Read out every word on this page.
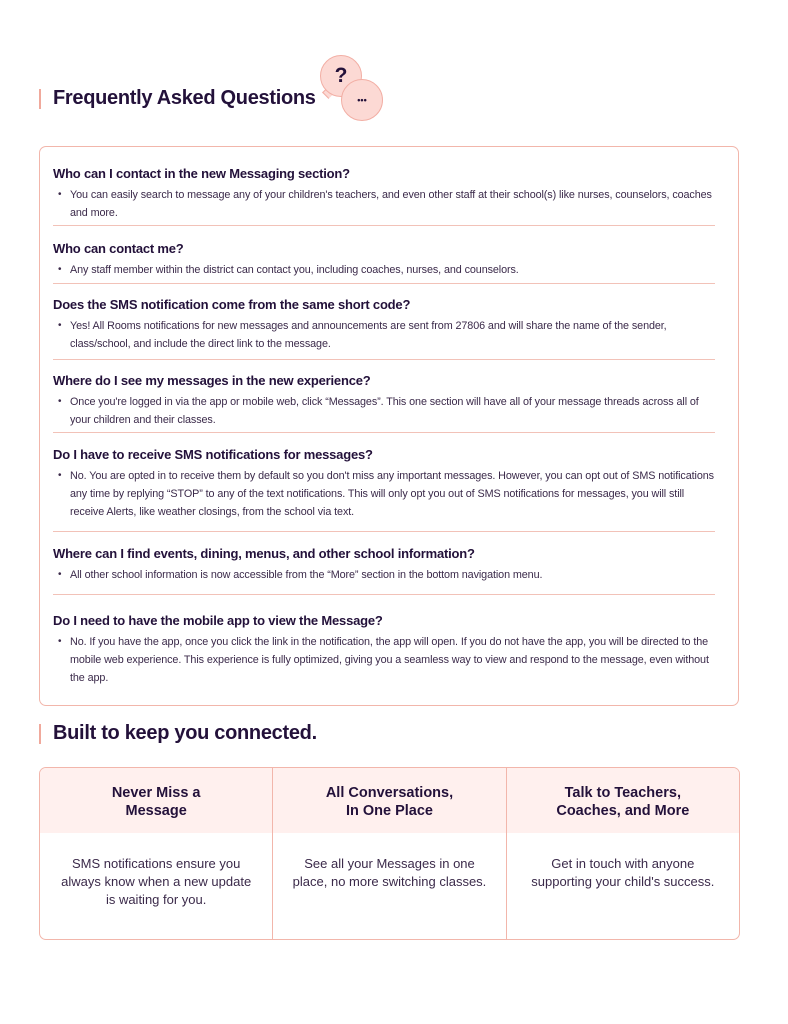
Frequently Asked Questions
?
•••

Who can I contact in the new Messaging section?

• You can easily search to message any of your children's teachers, and even other staff at their school(s) like nurses, counselors, coaches and more.

Who can contact me?

• Any staff member within the district can contact you, including coaches, nurses, and counselors.

Does the SMS notification come from the same short code?

• Yes! All Rooms notifications for new messages and announcements are sent from 27806 and will share the name of the sender, class/school, and include the direct link to the message.

Where do I see my messages in the new experience?

• Once you're logged in via the app or mobile web, click “Messages”. This one section will have all of your message threads across all of your children and their classes.

Do I have to receive SMS notifications for messages?

• No. You are opted in to receive them by default so you don't miss any important messages. However, you can opt out of SMS notifications any time by replying “STOP” to any of the text notifications. This will only opt you out of SMS notifications for messages, you will still receive Alerts, like weather closings, from the school via text.

Where can I find events, dining, menus, and other school information?

• All other school information is now accessible from the “More” section in the bottom navigation menu.

Do I need to have the mobile app to view the Message?

• No. If you have the app, once you click the link in the notification, the app will open. If you do not have the app, you will be directed to the mobile web experience. This experience is fully optimized, giving you a seamless way to view and respond to the message, even without the app.

Built to keep you connected.
Never Miss a
Message
SMS notifications ensure you
always know when a new update
is waiting for you.
All Conversations,
In One Place
See all your Messages in one
place, no more switching classes.
Talk to Teachers,
Coaches, and More
Get in touch with anyone
supporting your child's success.
